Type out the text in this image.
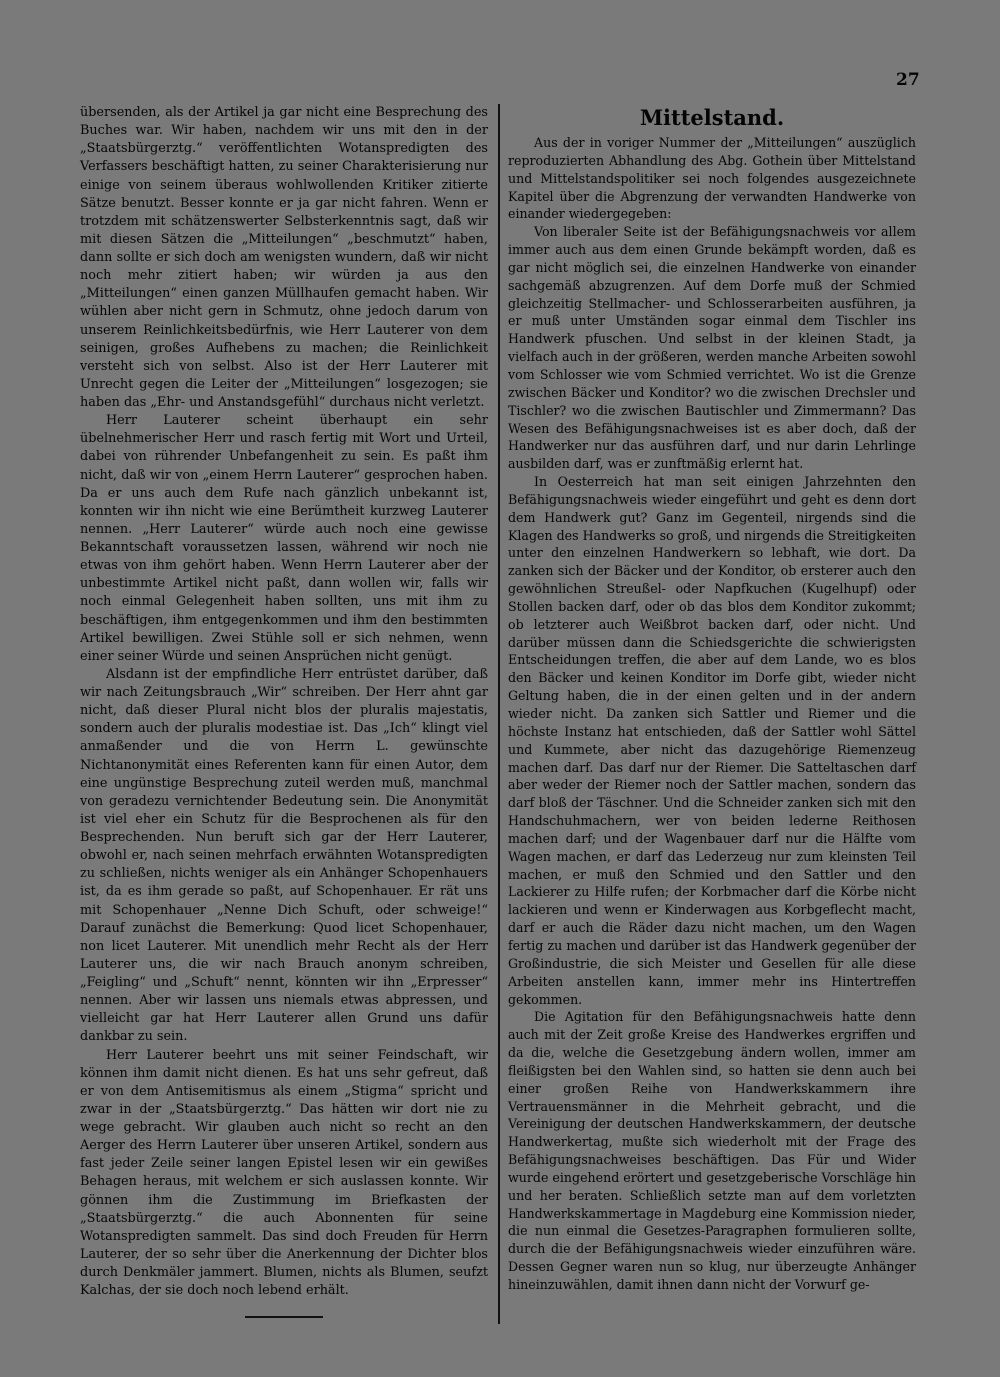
27

übersenden, als der Artikel ja gar nicht eine Besprechung des Buches war. Wir haben, nachdem wir uns mit den in der „Staatsbürgerztg.“ veröffentlichten Wotanspredigten des Verfassers beschäftigt hatten, zu seiner Charakterisierung nur einige von seinem überaus wohlwollenden Kritiker zitierte Sätze benutzt. Besser konnte er ja gar nicht fahren. Wenn er trotzdem mit schätzenswerter Selbsterkenntnis sagt, daß wir mit diesen Sätzen die „Mitteilungen“ „beschmutzt“ haben, dann sollte er sich doch am wenigsten wundern, daß wir nicht noch mehr zitiert haben; wir würden ja aus den „Mitteilungen“ einen ganzen Müllhaufen gemacht haben. Wir wühlen aber nicht gern in Schmutz, ohne jedoch darum von unserem Reinlichkeitsbedürfnis, wie Herr Lauterer von dem seinigen, großes Aufhebens zu machen; die Reinlichkeit versteht sich von selbst. Also ist der Herr Lauterer mit Unrecht gegen die Leiter der „Mitteilungen“ losgezogen; sie haben das „Ehr- und Anstandsgefühl“ durchaus nicht verletzt.

Herr Lauterer scheint überhaupt ein sehr übelnehmerischer Herr und rasch fertig mit Wort und Urteil, dabei von rührender Unbefangenheit zu sein. Es paßt ihm nicht, daß wir von „einem Herrn Lauterer“ gesprochen haben. Da er uns auch dem Rufe nach gänzlich unbekannt ist, konnten wir ihn nicht wie eine Berümtheit kurzweg Lauterer nennen. „Herr Lauterer“ würde auch noch eine gewisse Bekanntschaft voraussetzen lassen, während wir noch nie etwas von ihm gehört haben. Wenn Herrn Lauterer aber der unbestimmte Artikel nicht paßt, dann wollen wir, falls wir noch einmal Gelegenheit haben sollten, uns mit ihm zu beschäftigen, ihm entgegenkommen und ihm den bestimmten Artikel bewilligen. Zwei Stühle soll er sich nehmen, wenn einer seiner Würde und seinen Ansprüchen nicht genügt.

Alsdann ist der empfindliche Herr entrüstet darüber, daß wir nach Zeitungsbrauch „Wir“ schreiben. Der Herr ahnt gar nicht, daß dieser Plural nicht blos der pluralis majestatis, sondern auch der pluralis modestiae ist. Das „Ich“ klingt viel anmaßender und die von Herrn L. gewünschte Nichtanonymität eines Referenten kann für einen Autor, dem eine ungünstige Besprechung zuteil werden muß, manchmal von geradezu vernichtender Bedeutung sein. Die Anonymität ist viel eher ein Schutz für die Besprochenen als für den Besprechenden. Nun beruft sich gar der Herr Lauterer, obwohl er, nach seinen mehrfach erwähnten Wotanspredigten zu schließen, nichts weniger als ein Anhänger Schopenhauers ist, da es ihm gerade so paßt, auf Schopenhauer. Er rät uns mit Schopenhauer „Nenne Dich Schuft, oder schweige!“ Darauf zunächst die Bemerkung: Quod licet Schopenhauer, non licet Lauterer. Mit unendlich mehr Recht als der Herr Lauterer uns, die wir nach Brauch anonym schreiben, „Feigling“ und „Schuft“ nennt, könnten wir ihn „Erpresser“ nennen. Aber wir lassen uns niemals etwas abpressen, und vielleicht gar hat Herr Lauterer allen Grund uns dafür dankbar zu sein.

Herr Lauterer beehrt uns mit seiner Feindschaft, wir können ihm damit nicht dienen. Es hat uns sehr gefreut, daß er von dem Antisemitismus als einem „Stigma“ spricht und zwar in der „Staatsbürgerztg.“ Das hätten wir dort nie zu wege gebracht. Wir glauben auch nicht so recht an den Aerger des Herrn Lauterer über unseren Artikel, sondern aus fast jeder Zeile seiner langen Epistel lesen wir ein gewißes Behagen heraus, mit welchem er sich auslassen konnte. Wir gönnen ihm die Zustimmung im Briefkasten der „Staatsbürgerztg.“ die auch Abonnenten für seine Wotanspredigten sammelt. Das sind doch Freuden für Herrn Lauterer, der so sehr über die Anerkennung der Dichter blos durch Denkmäler jammert. Blumen, nichts als Blumen, seufzt Kalchas, der sie doch noch lebend erhält.

Mittelstand.

Aus der in voriger Nummer der „Mitteilungen“ auszüglich reproduzierten Abhandlung des Abg. Gothein über Mittelstand und Mittelstandspolitiker sei noch folgendes ausgezeichnete Kapitel über die Abgrenzung der verwandten Handwerke von einander wiedergegeben:

Von liberaler Seite ist der Befähigungsnachweis vor allem immer auch aus dem einen Grunde bekämpft worden, daß es gar nicht möglich sei, die einzelnen Handwerke von einander sachgemäß abzugrenzen. Auf dem Dorfe muß der Schmied gleichzeitig Stellmacher- und Schlosserarbeiten ausführen, ja er muß unter Umständen sogar einmal dem Tischler ins Handwerk pfuschen. Und selbst in der kleinen Stadt, ja vielfach auch in der größeren, werden manche Arbeiten sowohl vom Schlosser wie vom Schmied verrichtet. Wo ist die Grenze zwischen Bäcker und Konditor? wo die zwischen Drechsler und Tischler? wo die zwischen Bautischler und Zimmermann? Das Wesen des Befähigungsnachweises ist es aber doch, daß der Handwerker nur das ausführen darf, und nur darin Lehrlinge ausbilden darf, was er zunftmäßig erlernt hat.

In Oesterreich hat man seit einigen Jahrzehnten den Befähigungsnachweis wieder eingeführt und geht es denn dort dem Handwerk gut? Ganz im Gegenteil, nirgends sind die Klagen des Handwerks so groß, und nirgends die Streitigkeiten unter den einzelnen Handwerkern so lebhaft, wie dort. Da zanken sich der Bäcker und der Konditor, ob ersterer auch den gewöhnlichen Streußel- oder Napfkuchen (Kugelhupf) oder Stollen backen darf, oder ob das blos dem Konditor zukommt; ob letzterer auch Weißbrot backen darf, oder nicht. Und darüber müssen dann die Schiedsgerichte die schwierigsten Entscheidungen treffen, die aber auf dem Lande, wo es blos den Bäcker und keinen Konditor im Dorfe gibt, wieder nicht Geltung haben, die in der einen gelten und in der andern wieder nicht. Da zanken sich Sattler und Riemer und die höchste Instanz hat entschieden, daß der Sattler wohl Sättel und Kummete, aber nicht das dazugehörige Riemenzeug machen darf. Das darf nur der Riemer. Die Satteltaschen darf aber weder der Riemer noch der Sattler machen, sondern das darf bloß der Täschner. Und die Schneider zanken sich mit den Handschuhmachern, wer von beiden lederne Reithosen machen darf; und der Wagenbauer darf nur die Hälfte vom Wagen machen, er darf das Lederzeug nur zum kleinsten Teil machen, er muß den Schmied und den Sattler und den Lackierer zu Hilfe rufen; der Korbmacher darf die Körbe nicht lackieren und wenn er Kinderwagen aus Korbgeflecht macht, darf er auch die Räder dazu nicht machen, um den Wagen fertig zu machen und darüber ist das Handwerk gegenüber der Großindustrie, die sich Meister und Gesellen für alle diese Arbeiten anstellen kann, immer mehr ins Hintertreffen gekommen.

Die Agitation für den Befähigungsnachweis hatte denn auch mit der Zeit große Kreise des Handwerkes ergriffen und da die, welche die Gesetzgebung ändern wollen, immer am fleißigsten bei den Wahlen sind, so hatten sie denn auch bei einer großen Reihe von Handwerkskammern ihre Vertrauensmänner in die Mehrheit gebracht, und die Vereinigung der deutschen Handwerkskammern, der deutsche Handwerkertag, mußte sich wiederholt mit der Frage des Befähigungsnachweises beschäftigen. Das Für und Wider wurde eingehend erörtert und gesetzgeberische Vorschläge hin und her beraten. Schließlich setzte man auf dem vorletzten Handwerkskammertage in Magdeburg eine Kommission nieder, die nun einmal die Gesetzes-Paragraphen formulieren sollte, durch die der Befähigungsnachweis wieder einzuführen wäre. Dessen Gegner waren nun so klug, nur überzeugte Anhänger hineinzuwählen, damit ihnen dann nicht der Vorwurf ge-
